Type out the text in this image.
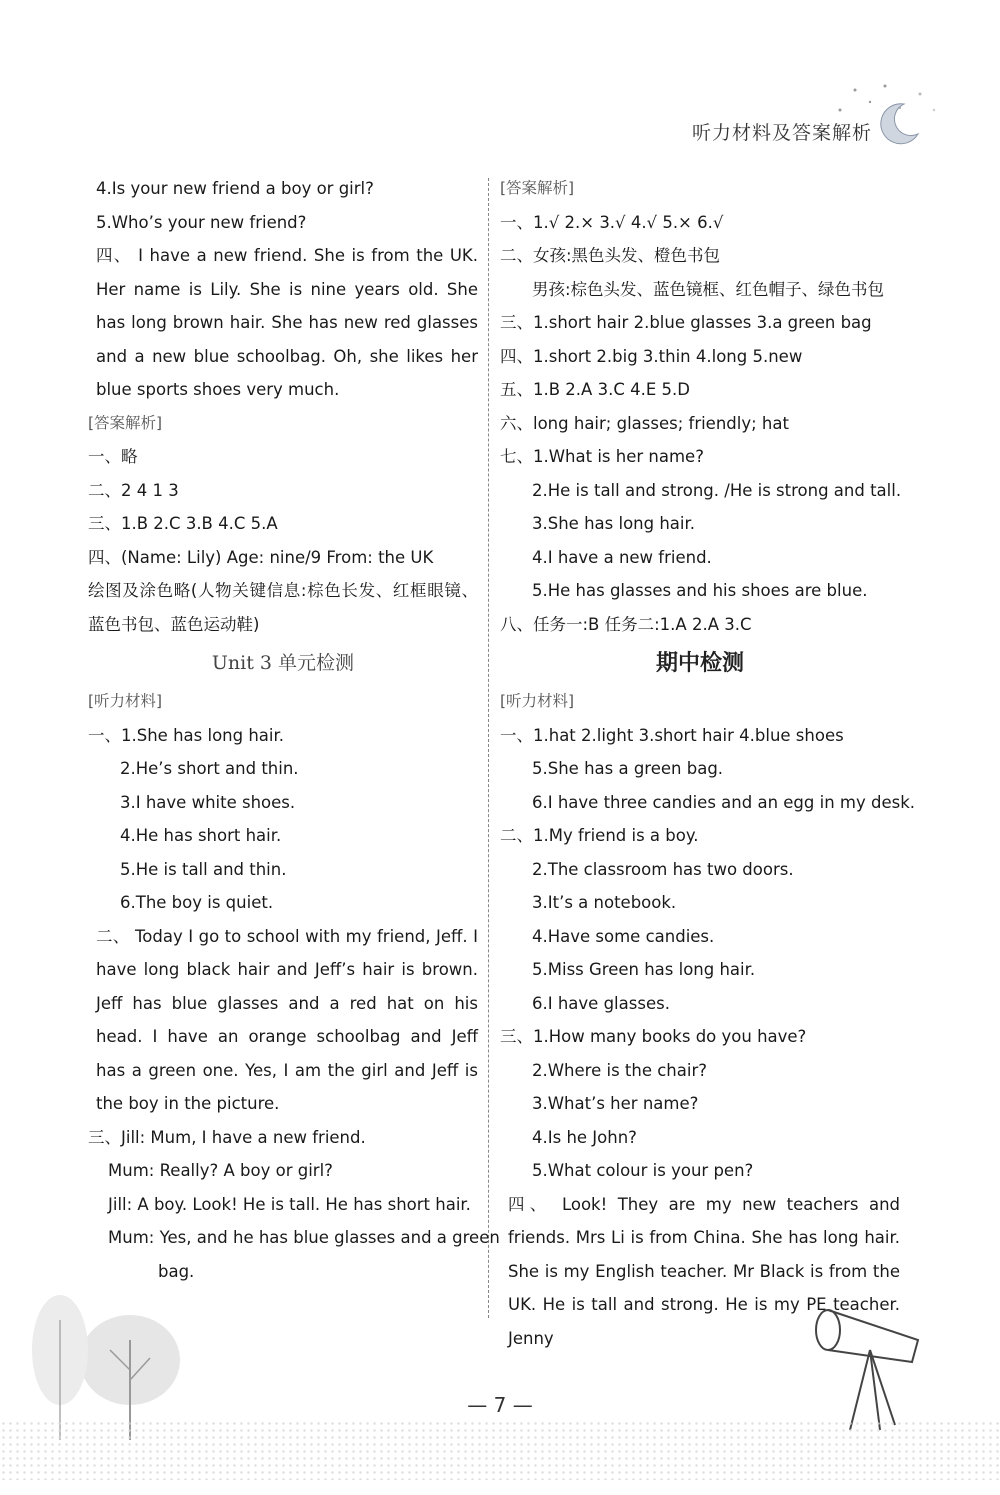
听力材料及答案解析
4.Is your new friend a boy or girl?
5.Who’s your new friend?
四、 I have a new friend. She is from the UK. Her name is Lily. She is nine years old. She has long brown hair. She has new red glasses and a new blue schoolbag. Oh, she likes her blue sports shoes very much.
[答案解析]
一、略
二、2 4 1 3
三、1.B 2.C 3.B 4.C 5.A
四、(Name: Lily) Age: nine/9 From: the UK
绘图及涂色略(人物关键信息:棕色长发、红框眼镜、蓝色书包、蓝色运动鞋)
Unit 3 单元检测
[听力材料]
一、1.She has long hair.
2.He’s short and thin.
3.I have white shoes.
4.He has short hair.
5.He is tall and thin.
6.The boy is quiet.
二、 Today I go to school with my friend, Jeff. I have long black hair and Jeff’s hair is brown. Jeff has blue glasses and a red hat on his head. I have an orange schoolbag and Jeff has a green one. Yes, I am the girl and Jeff is the boy in the picture.
三、Jill: Mum, I have a new friend.
Mum: Really? A boy or girl?
Jill: A boy. Look! He is tall. He has short hair.
Mum: Yes, and he has blue glasses and a green
bag.
[答案解析]
一、1.√ 2.× 3.√ 4.√ 5.× 6.√
二、女孩:黑色头发、橙色书包
男孩:棕色头发、蓝色镜框、红色帽子、绿色书包
三、1.short hair 2.blue glasses 3.a green bag
四、1.short 2.big 3.thin 4.long 5.new
五、1.B 2.A 3.C 4.E 5.D
六、long hair; glasses; friendly; hat
七、1.What is her name?
2.He is tall and strong. /He is strong and tall.
3.She has long hair.
4.I have a new friend.
5.He has glasses and his shoes are blue.
八、任务一:B 任务二:1.A 2.A 3.C
期中检测
[听力材料]
一、1.hat 2.light 3.short hair 4.blue shoes
5.She has a green bag.
6.I have three candies and an egg in my desk.
二、1.My friend is a boy.
2.The classroom has two doors.
3.It’s a notebook.
4.Have some candies.
5.Miss Green has long hair.
6.I have glasses.
三、1.How many books do you have?
2.Where is the chair?
3.What’s her name?
4.Is he John?
5.What colour is your pen?
四、 Look! They are my new teachers and friends. Mrs Li is from China. She has long hair. She is my English teacher. Mr Black is from the UK. He is tall and strong. He is my PE teacher. Jenny
— 7 —
